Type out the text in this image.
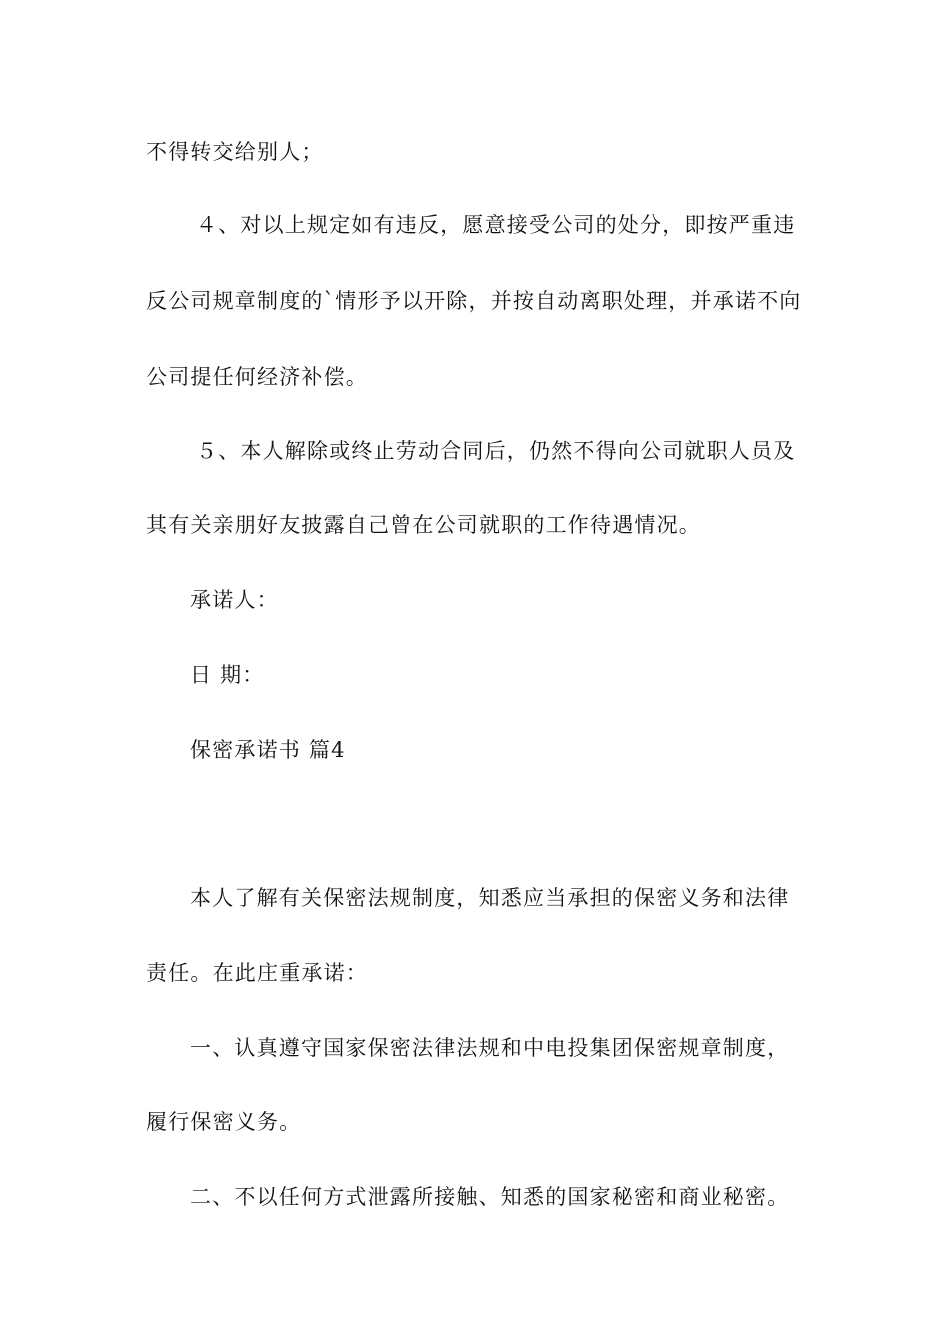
不得转交给别人；
４、对以上规定如有违反，愿意接受公司的处分，即按严重违
反公司规章制度的`情形予以开除，并按自动离职处理，并承诺不向
公司提任何经济补偿。
５、本人解除或终止劳动合同后，仍然不得向公司就职人员及
其有关亲朋好友披露自己曾在公司就职的工作待遇情况。
承诺人：
日 期：
保密承诺书 篇4
本人了解有关保密法规制度，知悉应当承担的保密义务和法律
责任。在此庄重承诺：
一、认真遵守国家保密法律法规和中电投集团保密规章制度，
履行保密义务。
二、不以任何方式泄露所接触、知悉的国家秘密和商业秘密。
